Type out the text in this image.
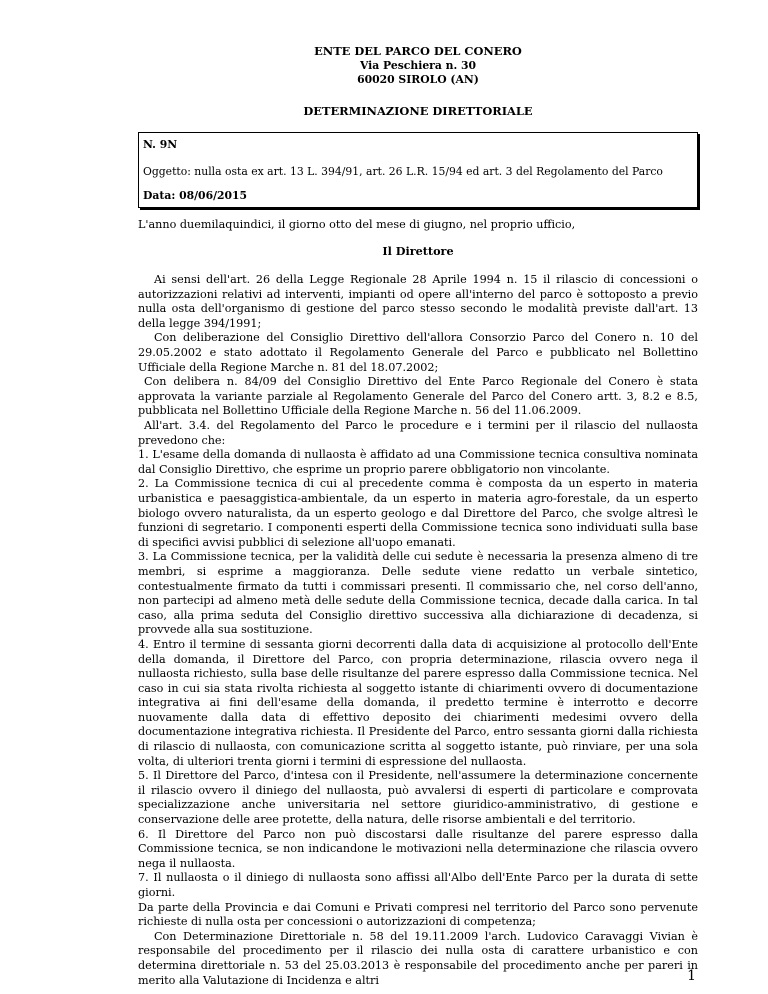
ENTE DEL PARCO DEL CONERO
Via Peschiera n. 30
60020 SIROLO (AN)
DETERMINAZIONE DIRETTORIALE
N. 9N
Oggetto: nulla osta ex art. 13 L. 394/91, art. 26 L.R. 15/94 ed art. 3 del Regolamento del Parco
Data: 08/06/2015
L'anno duemilaquindici, il giorno otto del mese di giugno, nel proprio ufficio,
Il Direttore

Ai sensi dell'art. 26 della Legge Regionale 28 Aprile 1994 n. 15 il rilascio di concessioni o autorizzazioni relativi ad interventi, impianti od opere all'interno del parco è sottoposto a previo nulla osta dell'organismo di gestione del parco stesso secondo le modalità previste dall'art. 13 della legge 394/1991;

Con deliberazione del Consiglio Direttivo dell'allora Consorzio Parco del Conero n. 10 del 29.05.2002 e stato adottato il Regolamento Generale del Parco e pubblicato nel Bollettino Ufficiale della Regione Marche n. 81 del 18.07.2002;

Con delibera n. 84/09 del Consiglio Direttivo del Ente Parco Regionale del Conero è stata approvata la variante parziale al Regolamento Generale del Parco del Conero artt. 3, 8.2 e 8.5, pubblicata nel Bollettino Ufficiale della Regione Marche n. 56 del 11.06.2009.

All'art. 3.4. del Regolamento del Parco le procedure e i termini per il rilascio del nullaosta prevedono che:

1. L'esame della domanda di nullaosta è affidato ad una Commissione tecnica consultiva nominata dal Consiglio Direttivo, che esprime un proprio parere obbligatorio non vincolante.

2. La Commissione tecnica di cui al precedente comma è composta da un esperto in materia urbanistica e paesaggistica-ambientale, da un esperto in materia agro-forestale, da un esperto biologo ovvero naturalista, da un esperto geologo e dal Direttore del Parco, che svolge altresì le funzioni di segretario. I componenti esperti della Commissione tecnica sono individuati sulla base di specifici avvisi pubblici di selezione all'uopo emanati.

3. La Commissione tecnica, per la validità delle cui sedute è necessaria la presenza almeno di tre membri, si esprime a maggioranza. Delle sedute viene redatto un verbale sintetico, contestualmente firmato da tutti i commissari presenti. Il commissario che, nel corso dell'anno, non partecipi ad almeno metà delle sedute della Commissione tecnica, decade dalla carica. In tal caso, alla prima seduta del Consiglio direttivo successiva alla dichiarazione di decadenza, si provvede alla sua sostituzione.

4. Entro il termine di sessanta giorni decorrenti dalla data di acquisizione al protocollo dell'Ente della domanda, il Direttore del Parco, con propria determinazione, rilascia ovvero nega il nullaosta richiesto, sulla base delle risultanze del parere espresso dalla Commissione tecnica. Nel caso in cui sia stata rivolta richiesta al soggetto istante di chiarimenti ovvero di documentazione integrativa ai fini dell'esame della domanda, il predetto termine è interrotto e decorre nuovamente dalla data di effettivo deposito dei chiarimenti medesimi ovvero della documentazione integrativa richiesta. Il Presidente del Parco, entro sessanta giorni dalla richiesta di rilascio di nullaosta, con comunicazione scritta al soggetto istante, può rinviare, per una sola volta, di ulteriori trenta giorni i termini di espressione del nullaosta.

5. Il Direttore del Parco, d'intesa con il Presidente, nell'assumere la determinazione concernente il rilascio ovvero il diniego del nullaosta, può avvalersi di esperti di particolare e comprovata specializzazione anche universitaria nel settore giuridico-amministrativo, di gestione e conservazione delle aree protette, della natura, delle risorse ambientali e del territorio.

6. Il Direttore del Parco non può discostarsi dalle risultanze del parere espresso dalla Commissione tecnica, se non indicandone le motivazioni nella determinazione che rilascia ovvero nega il nullaosta.

7. Il nullaosta o il diniego di nullaosta sono affissi all'Albo dell'Ente Parco per la durata di sette giorni.

Da parte della Provincia e dai Comuni e Privati compresi nel territorio del Parco sono pervenute richieste di nulla osta per concessioni o autorizzazioni di competenza;

Con Determinazione Direttoriale n. 58 del 19.11.2009 l'arch. Ludovico Caravaggi Vivian è responsabile del procedimento per il rilascio dei nulla osta di carattere urbanistico e con determina direttoriale n. 53 del 25.03.2013 è responsabile del procedimento anche per pareri in merito alla Valutazione di Incidenza e altri	1
